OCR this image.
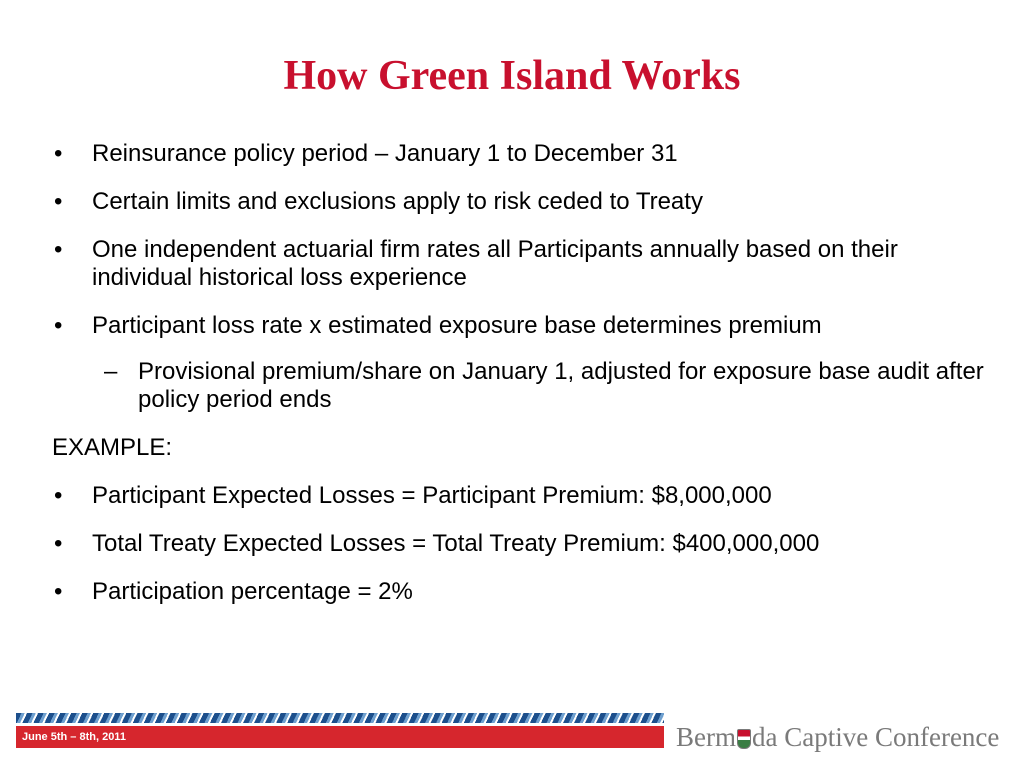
How Green Island Works
• Reinsurance policy period – January 1 to December 31
• Certain limits and exclusions apply to risk ceded to Treaty
• One independent actuarial firm rates all Participants annually based on their individual historical loss experience
• Participant loss rate x estimated exposure base determines premium
– Provisional premium/share on January 1, adjusted for exposure base audit after policy period ends
EXAMPLE:
• Participant Expected Losses = Participant Premium: $8,000,000
• Total Treaty Expected Losses = Total Treaty Premium: $400,000,000
• Participation percentage = 2%
June 5th – 8th, 2011	Berm da Captive Conference
